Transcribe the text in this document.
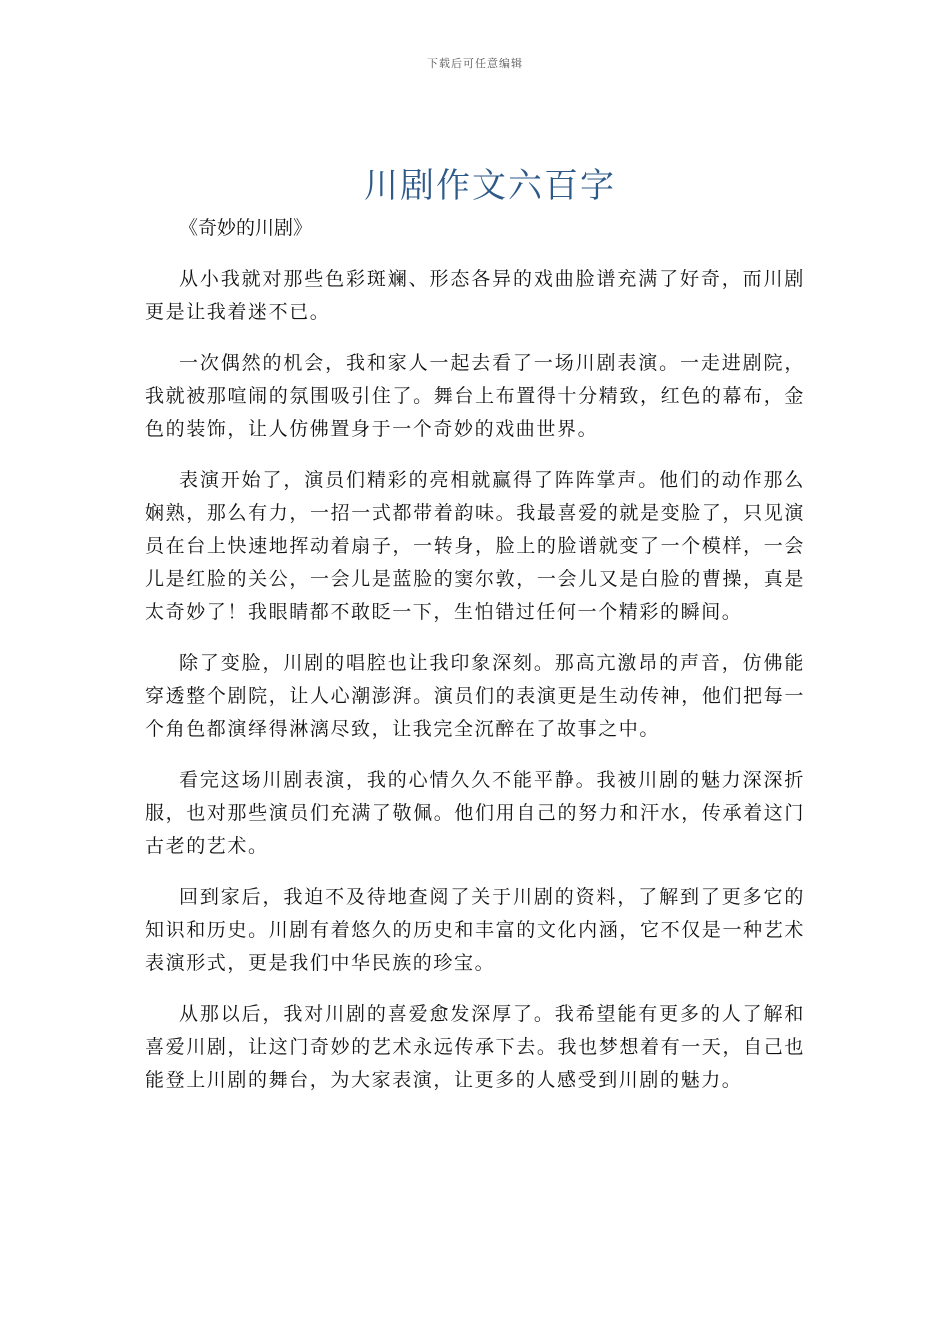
下载后可任意编辑
川剧作文六百字

《奇妙的川剧》

从小我就对那些色彩斑斓、形态各异的戏曲脸谱充满了好奇，而川剧更是让我着迷不已。

一次偶然的机会，我和家人一起去看了一场川剧表演。一走进剧院，我就被那喧闹的氛围吸引住了。舞台上布置得十分精致，红色的幕布，金色的装饰，让人仿佛置身于一个奇妙的戏曲世界。

表演开始了，演员们精彩的亮相就赢得了阵阵掌声。他们的动作那么娴熟，那么有力，一招一式都带着韵味。我最喜爱的就是变脸了，只见演员在台上快速地挥动着扇子，一转身，脸上的脸谱就变了一个模样，一会儿是红脸的关公，一会儿是蓝脸的窦尔敦，一会儿又是白脸的曹操，真是太奇妙了！我眼睛都不敢眨一下，生怕错过任何一个精彩的瞬间。

除了变脸，川剧的唱腔也让我印象深刻。那高亢激昂的声音，仿佛能穿透整个剧院，让人心潮澎湃。演员们的表演更是生动传神，他们把每一个角色都演绎得淋漓尽致，让我完全沉醉在了故事之中。

看完这场川剧表演，我的心情久久不能平静。我被川剧的魅力深深折服，也对那些演员们充满了敬佩。他们用自己的努力和汗水，传承着这门古老的艺术。

回到家后，我迫不及待地查阅了关于川剧的资料，了解到了更多它的知识和历史。川剧有着悠久的历史和丰富的文化内涵，它不仅是一种艺术表演形式，更是我们中华民族的珍宝。

从那以后，我对川剧的喜爱愈发深厚了。我希望能有更多的人了解和喜爱川剧，让这门奇妙的艺术永远传承下去。我也梦想着有一天，自己也能登上川剧的舞台，为大家表演，让更多的人感受到川剧的魅力。
